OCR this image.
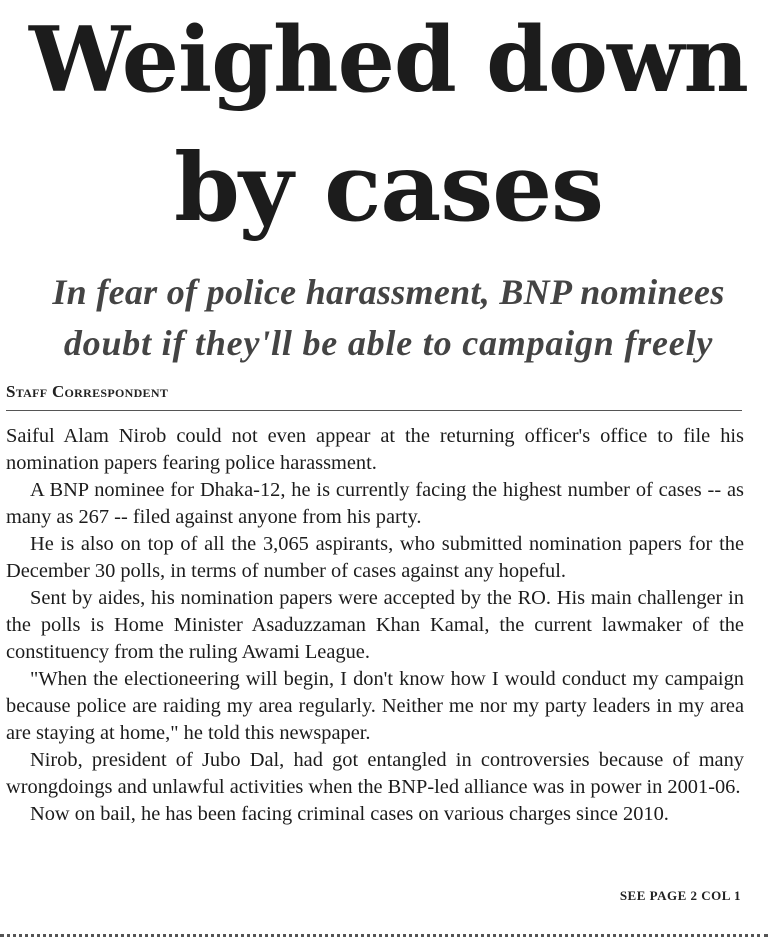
Weighed down
by cases
In fear of police harassment, BNP nominees
doubt if they'll be able to campaign freely
Staff Correspondent

Saiful Alam Nirob could not even appear at the returning officer's office to file his nomination papers fearing police harassment.

A BNP nominee for Dhaka-12, he is currently facing the highest number of cases -- as many as 267 -- filed against anyone from his party.

He is also on top of all the 3,065 aspirants, who submitted nomination papers for the December 30 polls, in terms of number of cases against any hopeful.

Sent by aides, his nomination papers were accepted by the RO. His main challenger in the polls is Home Minister Asaduzzaman Khan Kamal, the current lawmaker of the constituency from the ruling Awami League.

"When the electioneering will begin, I don't know how I would conduct my campaign because police are raiding my area regularly. Neither me nor my party leaders in my area are staying at home," he told this newspaper.

Nirob, president of Jubo Dal, had got entangled in controversies because of many wrongdoings and unlawful activities when the BNP-led alliance was in power in 2001-06.

Now on bail, he has been facing criminal cases on various charges since 2010.

SEE PAGE 2 COL 1
